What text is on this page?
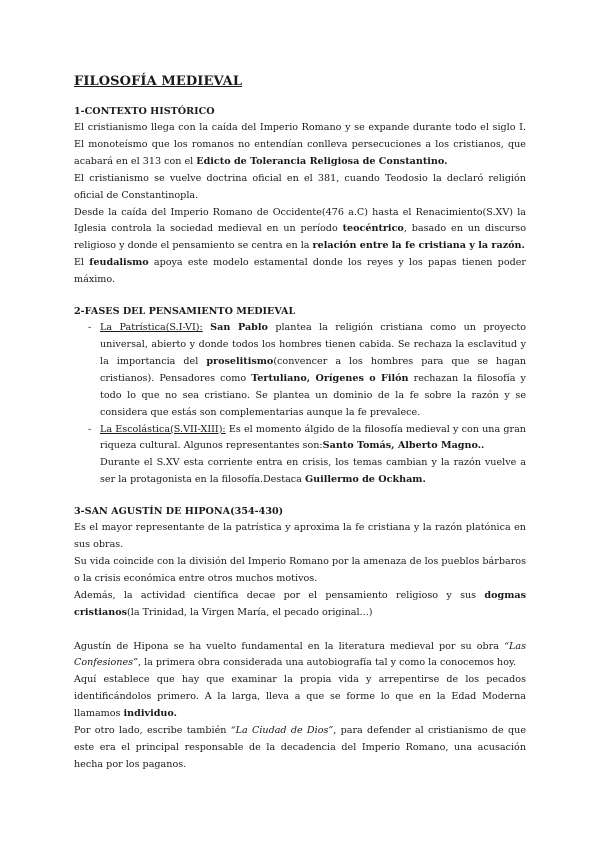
FILOSOFÍA MEDIEVAL
1-CONTEXTO HISTÓRICO

El cristianismo llega con la caída del Imperio Romano y se expande durante todo el siglo I. El monoteísmo que los romanos no entendían conlleva persecuciones a los cristianos, que acabará en el 313 con el Edicto de Tolerancia Religiosa de Constantino.

El cristianismo se vuelve doctrina oficial en el 381, cuando Teodosio la declaró religión oficial de Constantinopla.

Desde la caída del Imperio Romano de Occidente(476 a.C) hasta el Renacimiento(S.XV) la Iglesia controla la sociedad medieval en un período teocéntrico, basado en un discurso religioso y donde el pensamiento se centra en la relación entre la fe cristiana y la razón.

El feudalismo apoya este modelo estamental donde los reyes y los papas tienen poder máximo.

2-FASES DEL PENSAMIENTO MEDIEVAL
- La Patrística(S.I-VI): San Pablo plantea la religión cristiana como un proyecto universal, abierto y donde todos los hombres tienen cabida. Se rechaza la esclavitud y la importancia del proselitismo(convencer a los hombres para que se hagan cristianos). Pensadores como Tertuliano, Orígenes o Filón rechazan la filosofía y todo lo que no sea cristiano. Se plantea un dominio de la fe sobre la razón y se considera que estás son complementarias aunque la fe prevalece.
- La Escolástica(S.VII-XIII): Es el momento álgido de la filosofía medieval y con una gran riqueza cultural. Algunos representantes son:Santo Tomás, Alberto Magno..
Durante el S.XV esta corriente entra en crisis, los temas cambian y la razón vuelve a ser la protagonista en la filosofía.Destaca Guillermo de Ockham.
3-SAN AGUSTÍN DE HIPONA(354-430)

Es el mayor representante de la patrística y aproxima la fe cristiana y la razón platónica en sus obras.

Su vida coincide con la división del Imperio Romano por la amenaza de los pueblos bárbaros o la crisis económica entre otros muchos motivos.

Además, la actividad científica decae por el pensamiento religioso y sus dogmas cristianos(la Trinidad, la Virgen María, el pecado original...)

Agustín de Hipona se ha vuelto fundamental en la literatura medieval por su obra “Las Confesiones”, la primera obra considerada una autobiografía tal y como la conocemos hoy.

Aquí establece que hay que examinar la propia vida y arrepentirse de los pecados identificándolos primero. A la larga, lleva a que se forme lo que en la Edad Moderna llamamos individuo.

Por otro lado, escribe también “La Ciudad de Dios”, para defender al cristianismo de que este era el principal responsable de la decadencia del Imperio Romano, una acusación hecha por los paganos.
